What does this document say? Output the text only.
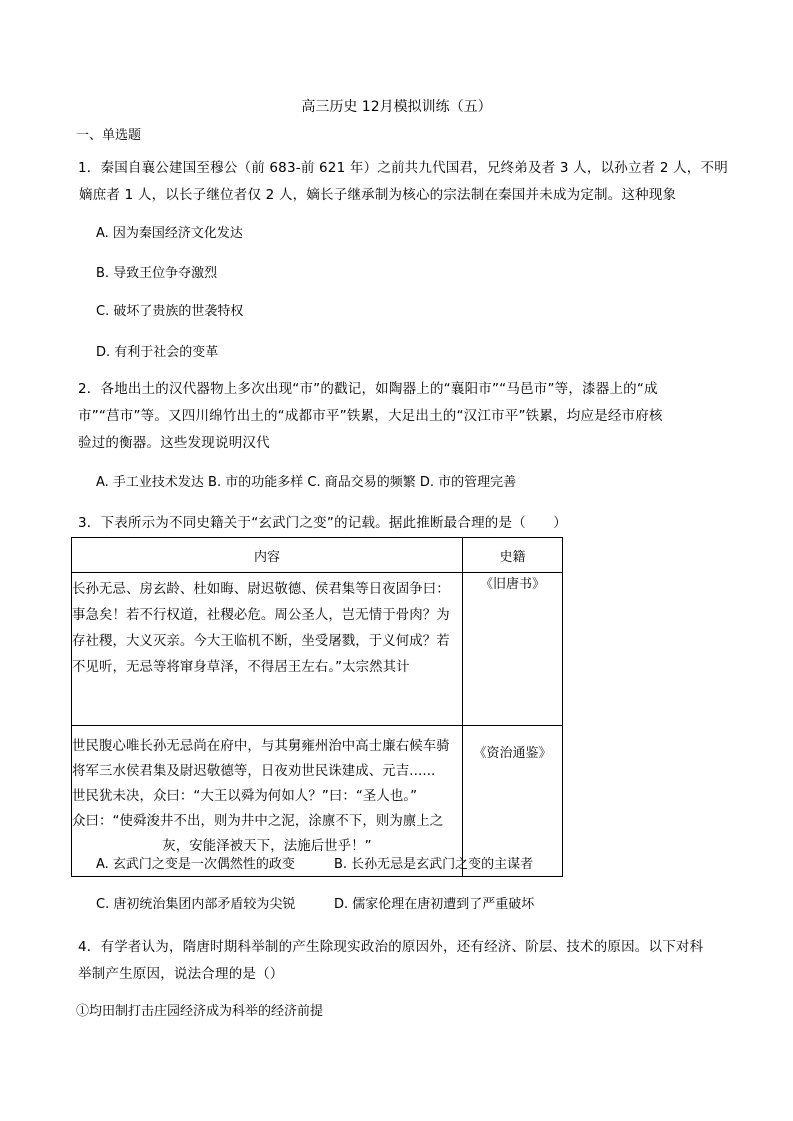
高三历史 12月模拟训练（五）
一、单选题
1．秦国自襄公建国至穆公（前 683-前 621 年）之前共九代国君，兄终弟及者 3 人，以孙立者 2 人，不明
嫡庶者 1 人，以长子继位者仅 2 人，嫡长子继承制为核心的宗法制在秦国并未成为定制。这种现象
A. 因为秦国经济文化发达
B. 导致王位争夺激烈
C. 破坏了贵族的世袭特权
D. 有利于社会的变革
2．各地出土的汉代器物上多次出现“市”的戳记，如陶器上的“襄阳市”“马邑市”等，漆器上的“成
市”“莒市”等。又四川绵竹出土的“成都市平”铁累，大足出土的“汉江市平”铁累，均应是经市府核
验过的衡器。这些发现说明汉代
A. 手工业技术发达 B. 市的功能多样 C. 商品交易的频繁 D. 市的管理完善
3．下表所示为不同史籍关于“玄武门之变”的记载。据此推断最合理的是（　　）
内容	史籍

长孙无忌、房玄龄、杜如晦、尉迟敬德、侯君集等日夜固争曰：
事急矣！若不行权道，社稷必危。周公圣人，岂无情于骨肉？为
存社稷，大义灭亲。今大王临机不断，坐受屠戮，于义何成？若
不见听，无忌等将窜身草泽，不得居王左右。”太宗然其计	《旧唐书》

世民腹心唯长孙无忌尚在府中，与其舅雍州治中高士廉右候车骑
将军三水侯君集及尉迟敬德等，日夜劝世民诛建成、元吉......
世民犹未决，众曰：“大王以舜为何如人？”曰：“圣人也。”
众曰：“使舜浚井不出，则为井中之泥，涂廪不下，则为廪上之
灰，安能泽被天下，法施后世乎！”	《资治通鉴》
A. 玄武门之变是一次偶然性的政变	B. 长孙无忌是玄武门之变的主谋者
C. 唐初统治集团内部矛盾较为尖锐	D. 儒家伦理在唐初遭到了严重破坏
4．有学者认为，隋唐时期科举制的产生除现实政治的原因外，还有经济、阶层、技术的原因。以下对科
举制产生原因，说法合理的是（）
①均田制打击庄园经济成为科举的经济前提
